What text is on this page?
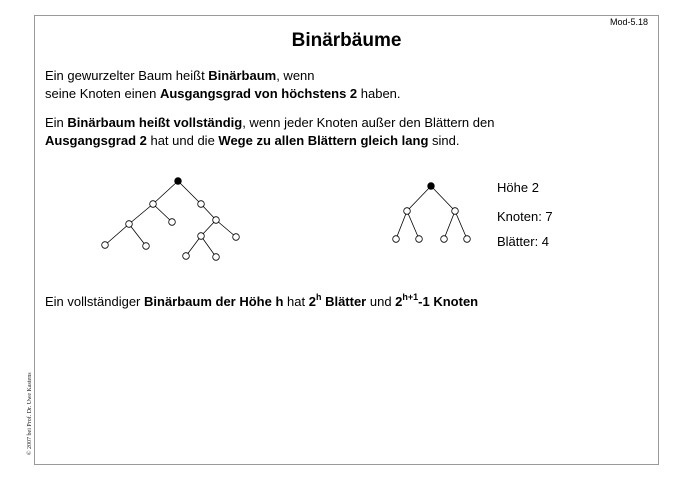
Mod-5.18
Binärbäume
Ein gewurzelter Baum heißt Binärbaum, wenn
seine Knoten einen Ausgangsgrad von höchstens 2 haben.
Ein Binärbaum heißt vollständig, wenn jeder Knoten außer den Blättern den
Ausgangsgrad 2 hat und die Wege zu allen Blättern gleich lang sind.
Höhe 2
Knoten: 7
Blätter: 4
Ein vollständiger Binärbaum der Höhe h hat 2$^h$ Blätter und $2^{h+1}-1$ Knoten
© 2007 bei Prof. Dr. Uwe Kastens
